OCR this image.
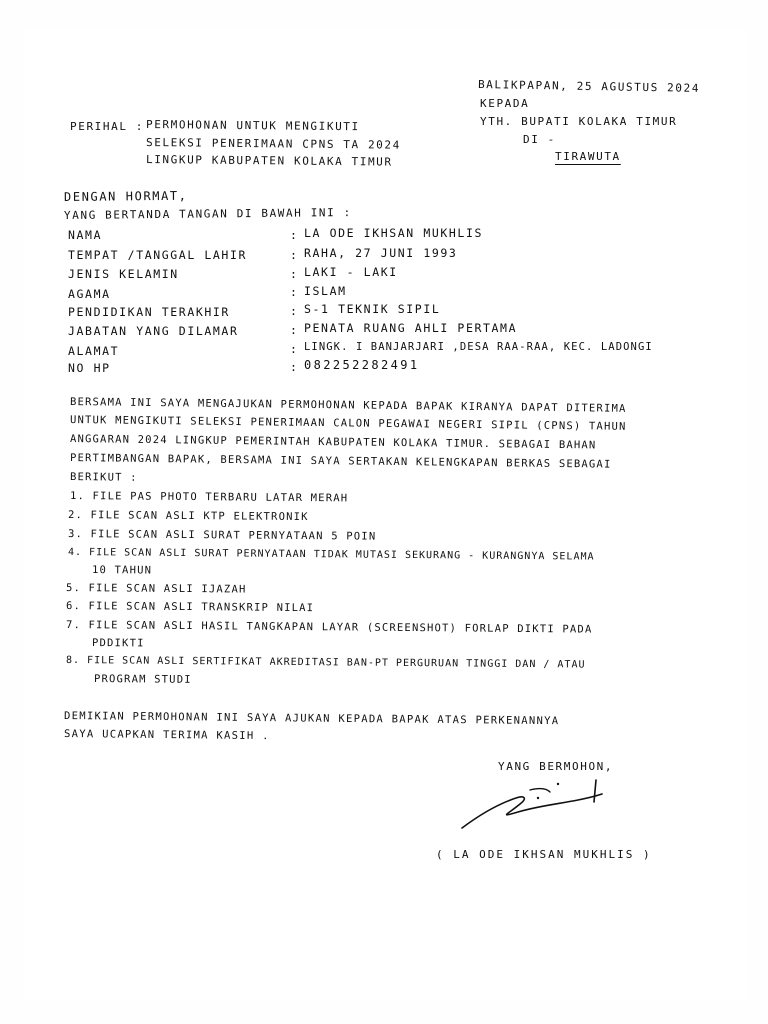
BALIKPAPAN, 25 AGUSTUS 2024
KEPADA
YTH. BUPATI KOLAKA TIMUR
DI -
TIRAWUTA
PERIHAL : PERMOHONAN UNTUK MENGIKUTI
SELEKSI PENERIMAAN CPNS TA 2024
LINGKUP KABUPATEN KOLAKA TIMUR
DENGAN HORMAT,
YANG BERTANDA TANGAN DI BAWAH INI :
NAMA	: LA ODE IKHSAN MUKHLIS
TEMPAT /TANGGAL LAHIR	: RAHA, 27 JUNI 1993
JENIS KELAMIN	: LAKI - LAKI
AGAMA	: ISLAM
PENDIDIKAN TERAKHIR	: S-1 TEKNIK SIPIL
JABATAN YANG DILAMAR	: PENATA RUANG AHLI PERTAMA
ALAMAT	: LINGK. I BANJARJARI ,DESA RAA-RAA, KEC. LADONGI
NO HP	: 082252282491
BERSAMA INI SAYA MENGAJUKAN PERMOHONAN KEPADA BAPAK KIRANYA DAPAT DITERIMA
UNTUK MENGIKUTI SELEKSI PENERIMAAN CALON PEGAWAI NEGERI SIPIL (CPNS) TAHUN
ANGGARAN 2024 LINGKUP PEMERINTAH KABUPATEN KOLAKA TIMUR. SEBAGAI BAHAN
PERTIMBANGAN BAPAK, BERSAMA INI SAYA SERTAKAN KELENGKAPAN BERKAS SEBAGAI
BERIKUT :
1. FILE PAS PHOTO TERBARU LATAR MERAH
2. FILE SCAN ASLI KTP ELEKTRONIK
3. FILE SCAN ASLI SURAT PERNYATAAN 5 POIN
4. FILE SCAN ASLI SURAT PERNYATAAN TIDAK MUTASI SEKURANG - KURANGNYA SELAMA
10 TAHUN
5. FILE SCAN ASLI IJAZAH
6. FILE SCAN ASLI TRANSKRIP NILAI
7. FILE SCAN ASLI HASIL TANGKAPAN LAYAR (SCREENSHOT) FORLAP DIKTI PADA
PDDIKTI
8. FILE SCAN ASLI SERTIFIKAT AKREDITASI BAN-PT PERGURUAN TINGGI DAN / ATAU
PROGRAM STUDI
DEMIKIAN PERMOHONAN INI SAYA AJUKAN KEPADA BAPAK ATAS PERKENANNYA
SAYA UCAPKAN TERIMA KASIH .
YANG BERMOHON,
( LA ODE IKHSAN MUKHLIS )
